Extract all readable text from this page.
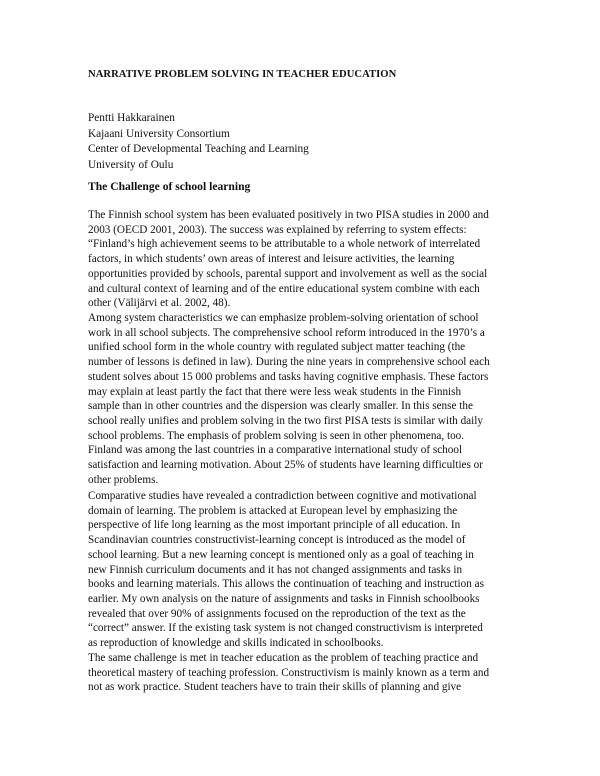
NARRATIVE PROBLEM SOLVING IN TEACHER EDUCATION
Pentti Hakkarainen
Kajaani University Consortium
Center of Developmental Teaching and Learning
University of Oulu
The Challenge of school learning
The Finnish school system has been evaluated positively in two PISA studies in 2000 and
2003 (OECD 2001, 2003). The success was explained by referring to system effects:
“Finland’s high achievement seems to be attributable to a whole network of interrelated
factors, in which students’ own areas of interest and leisure activities, the learning
opportunities provided by schools, parental support and involvement as well as the social
and cultural context of learning and of the entire educational system combine with each
other (Välijärvi et al. 2002, 48).
Among system characteristics we can emphasize problem-solving orientation of school
work in all school subjects. The comprehensive school reform introduced in the 1970’s a
unified school form in the whole country with regulated subject matter teaching (the
number of lessons is defined in law). During the nine years in comprehensive school each
student solves about 15 000 problems and tasks having cognitive emphasis. These factors
may explain at least partly the fact that there were less weak students in the Finnish
sample than in other countries and the dispersion was clearly smaller. In this sense the
school really unifies and problem solving in the two first PISA tests is similar with daily
school problems. The emphasis of problem solving is seen in other phenomena, too.
Finland was among the last countries in a comparative international study of school
satisfaction and learning motivation. About 25% of students have learning difficulties or
other problems.
Comparative studies have revealed a contradiction between cognitive and motivational
domain of learning. The problem is attacked at European level by emphasizing the
perspective of life long learning as the most important principle of all education. In
Scandinavian countries constructivist-learning concept is introduced as the model of
school learning. But a new learning concept is mentioned only as a goal of teaching in
new Finnish curriculum documents and it has not changed assignments and tasks in
books and learning materials. This allows the continuation of teaching and instruction as
earlier. My own analysis on the nature of assignments and tasks in Finnish schoolbooks
revealed that over 90% of assignments focused on the reproduction of the text as the
“correct” answer. If the existing task system is not changed constructivism is interpreted
as reproduction of knowledge and skills indicated in schoolbooks.
The same challenge is met in teacher education as the problem of teaching practice and
theoretical mastery of teaching profession. Constructivism is mainly known as a term and
not as work practice. Student teachers have to train their skills of planning and give
